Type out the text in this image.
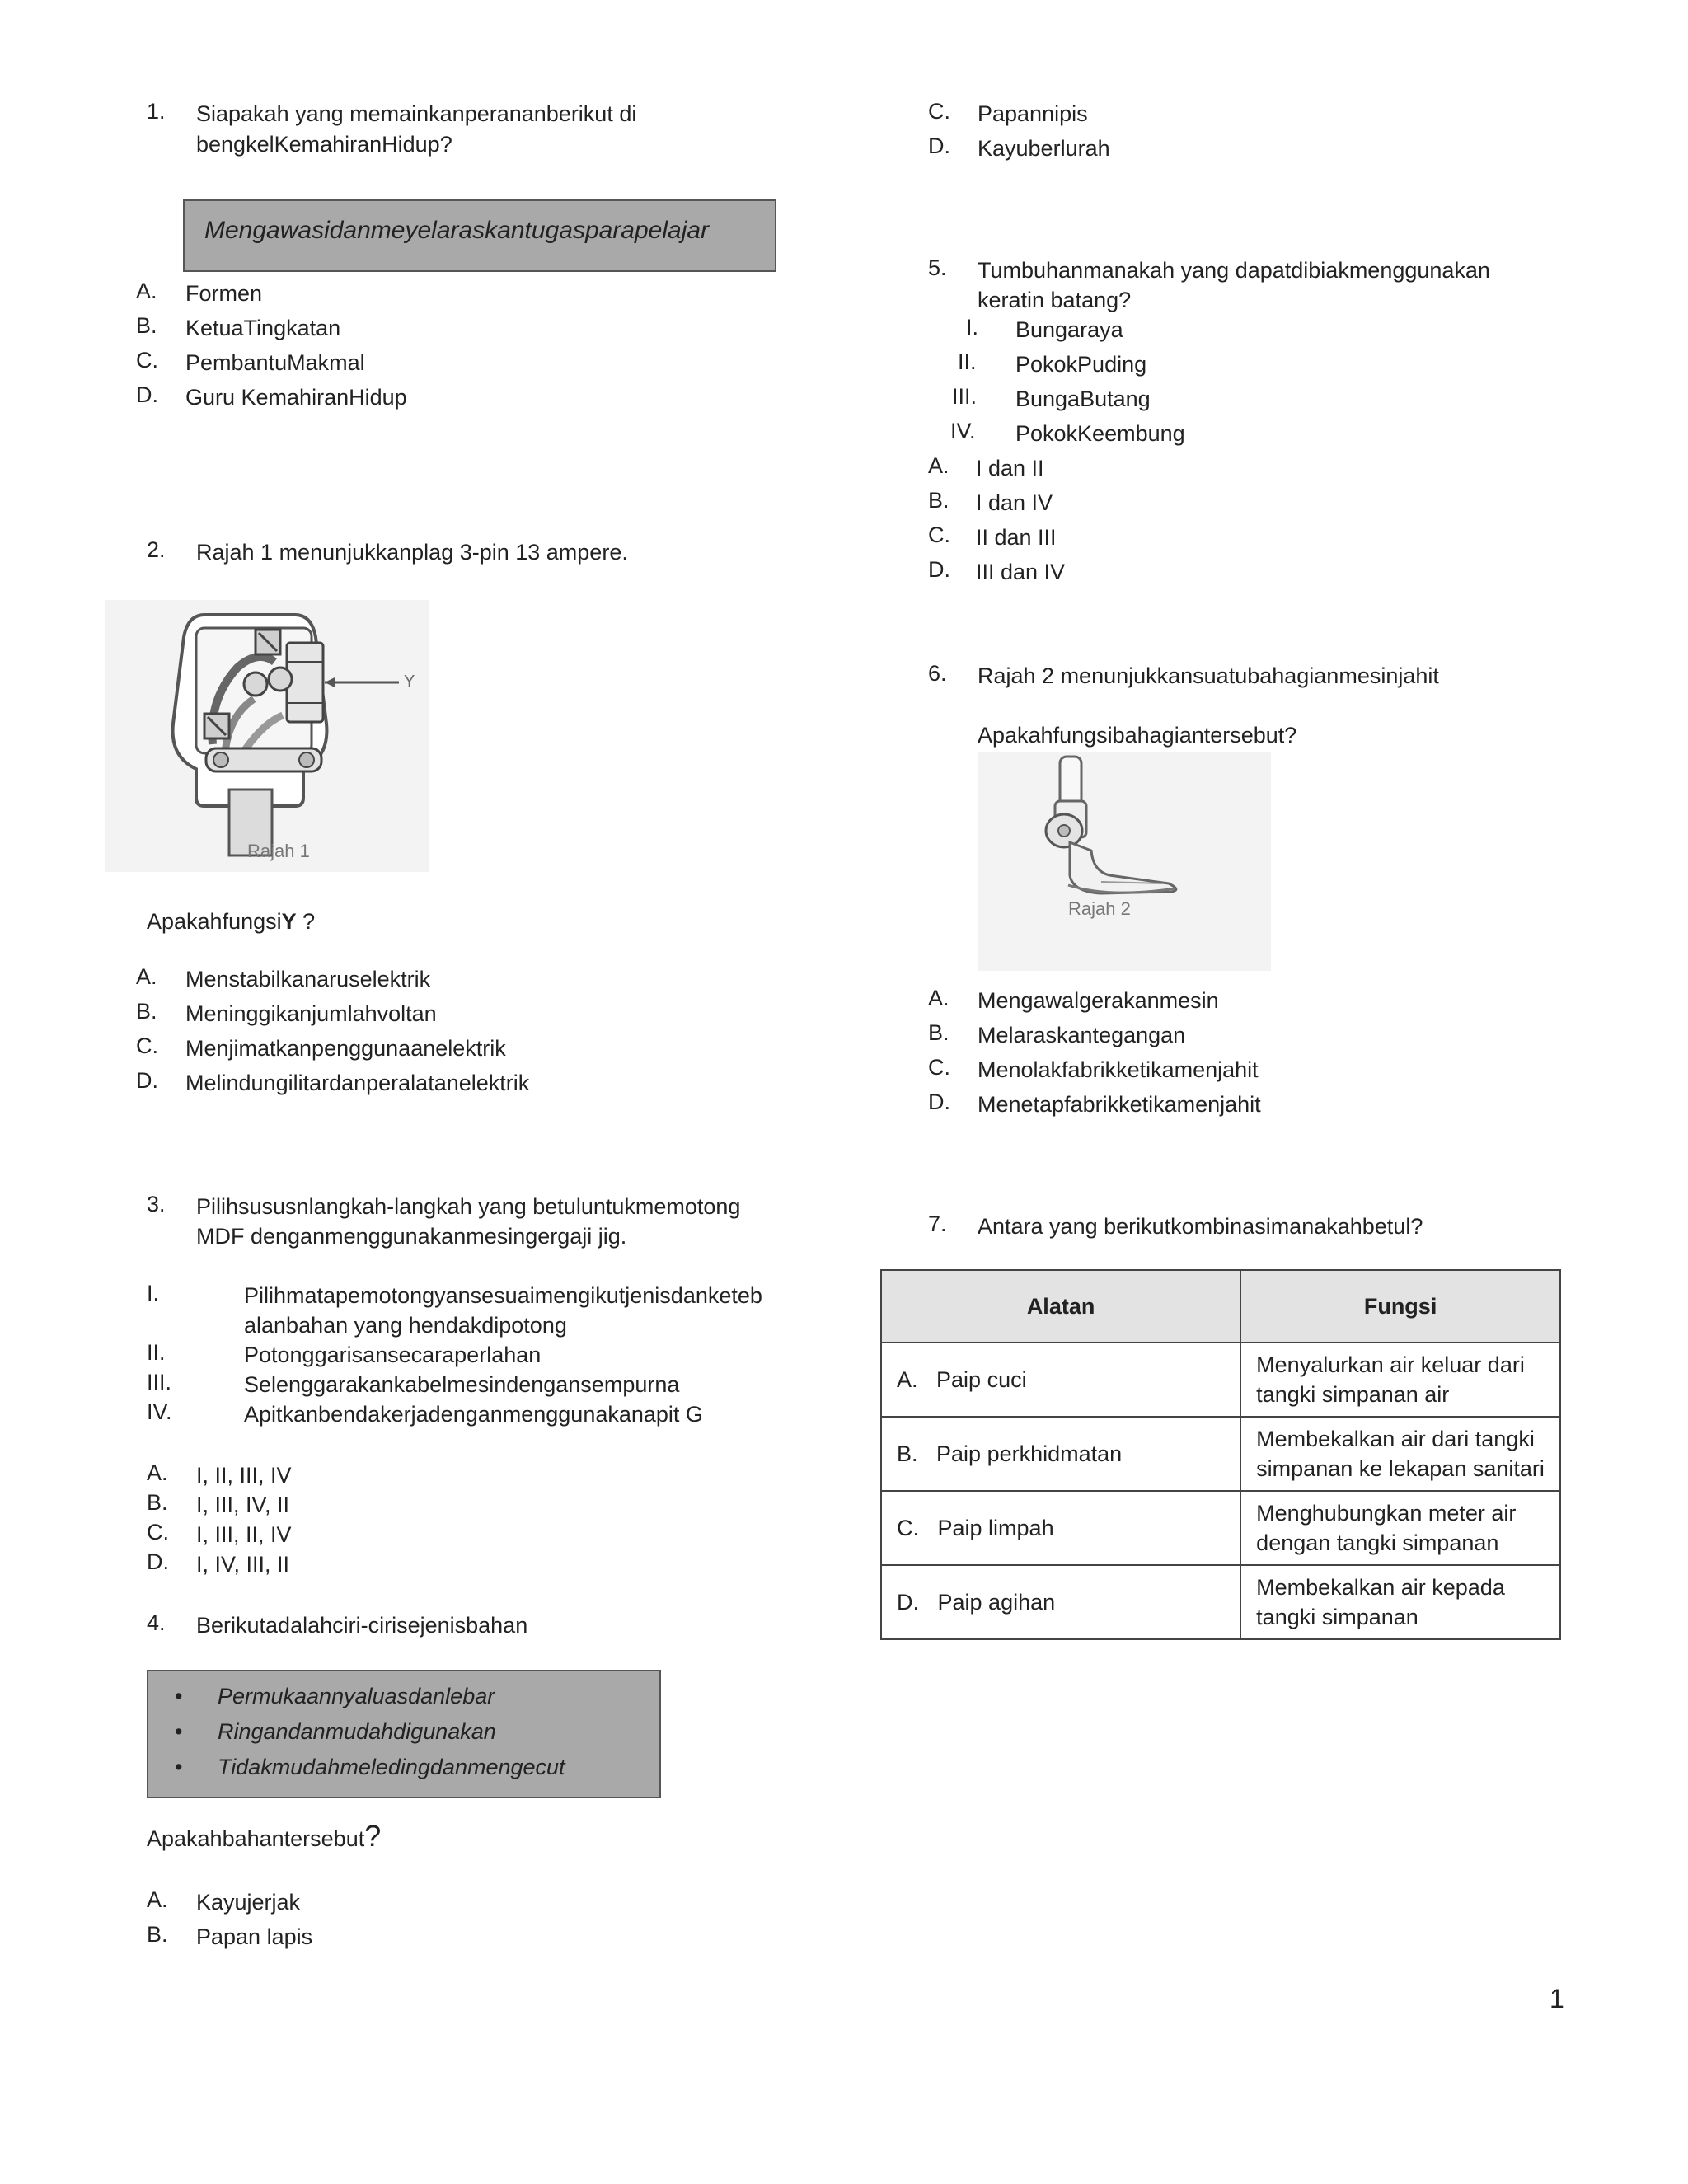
1. Siapakah yang memainkanperananberikut di
bengkelKemahiranHidup?
Mengawasidanmeyelaraskantugasparapelajar
A. Formen
B. KetuaTingkatan
C. PembantuMakmal
D. Guru KemahiranHidup
2. Rajah 1 menunjukkanplag 3-pin 13 ampere.
Y
Rajah 1
ApakahfungsiY ?
A. Menstabilkanaruselektrik
B. Meninggikanjumlahvoltan
C. Menjimatkanpenggunaanelektrik
D. Melindungilitardanperalatanelektrik
3. Pilihsususnlangkah-langkah yang betuluntukmemotong
MDF denganmenggunakanmesingergaji jig.
I.	Pilihmatapemotongyansesuaimengikutjenisdanketeb
alanbahan yang hendakdipotong
II.	Potonggarisansecaraperlahan
III.	Selenggarakankabelmesindengansempurna
IV.	Apitkanbendakerjadenganmenggunakanapit G
A. I, II, III, IV
B. I, III, IV, II
C. I, III, II, IV
D. I, IV, III, II
4. Berikutadalahciri-cirisejenisbahan
• Permukaannyaluasdanlebar
• Ringandanmudahdigunakan
• Tidakmudahmeledingdanmengecut
Apakahbahantersebut?
A. Kayujerjak
B. Papan lapis
C. Papannipis
D. Kayuberlurah
5. Tumbuhanmanakah yang dapatdibiakmenggunakan
keratin batang?
I. Bungaraya
II. PokokPuding
III. BungaButang
IV. PokokKeembung
A. I dan II
B. I dan IV
C. II dan III
D. III dan IV
6. Rajah 2 menunjukkansuatubahagianmesinjahit
Apakahfungsibahagiantersebut?
Rajah 2
A. Mengawalgerakanmesin
B. Melaraskantegangan
C. Menolakfabrikketikamenjahit
D. Menetapfabrikketikamenjahit
7. Antara yang berikutkombinasimanakahbetul?
Alatan	Fungsi
A. Paip cuci	Menyalurkan air keluar dari
tangki simpanan air

B. Paip perkhidmatan	Membekalkan air dari tangki
simpanan ke lekapan sanitari

C. Paip limpah	Menghubungkan meter air
dengan tangki simpanan

D. Paip agihan	Membekalkan air kepada
tangki simpanan
1
